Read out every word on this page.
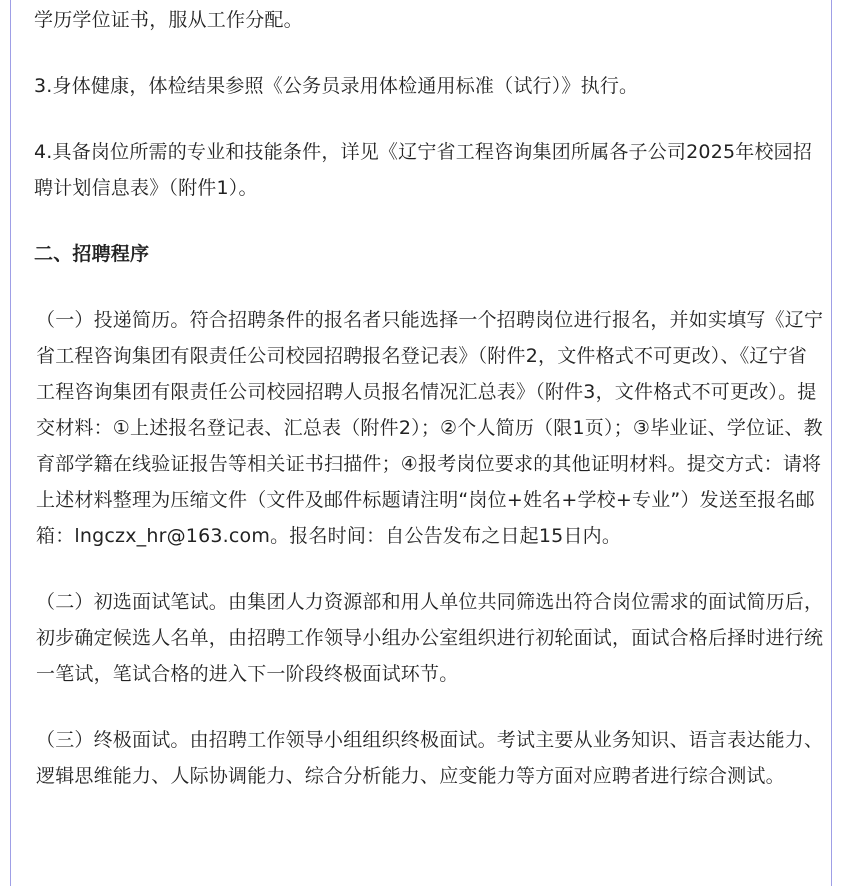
学历学位证书，服从工作分配。

3.身体健康，体检结果参照《公务员录用体检通用标准（试行）》执行。

4.具备岗位所需的专业和技能条件，详见《辽宁省工程咨询集团所属各子公司2025年校园招聘计划信息表》（附件1）。

二、招聘程序

（一）投递简历。符合招聘条件的报名者只能选择一个招聘岗位进行报名，并如实填写《辽宁省工程咨询集团有限责任公司校园招聘报名登记表》（附件2，文件格式不可更改）、《辽宁省工程咨询集团有限责任公司校园招聘人员报名情况汇总表》（附件3，文件格式不可更改）。提交材料：①上述报名登记表、汇总表（附件2）；②个人简历（限1页）；③毕业证、学位证、教育部学籍在线验证报告等相关证书扫描件；④报考岗位要求的其他证明材料。提交方式：请将上述材料整理为压缩文件（文件及邮件标题请注明“岗位+姓名+学校+专业”）发送至报名邮箱：lngczx_hr@163.com。报名时间：自公告发布之日起15日内。

（二）初选面试笔试。由集团人力资源部和用人单位共同筛选出符合岗位需求的面试简历后，初步确定候选人名单，由招聘工作领导小组办公室组织进行初轮面试，面试合格后择时进行统一笔试，笔试合格的进入下一阶段终极面试环节。

（三）终极面试。由招聘工作领导小组组织终极面试。考试主要从业务知识、语言表达能力、逻辑思维能力、人际协调能力、综合分析能力、应变能力等方面对应聘者进行综合测试。
